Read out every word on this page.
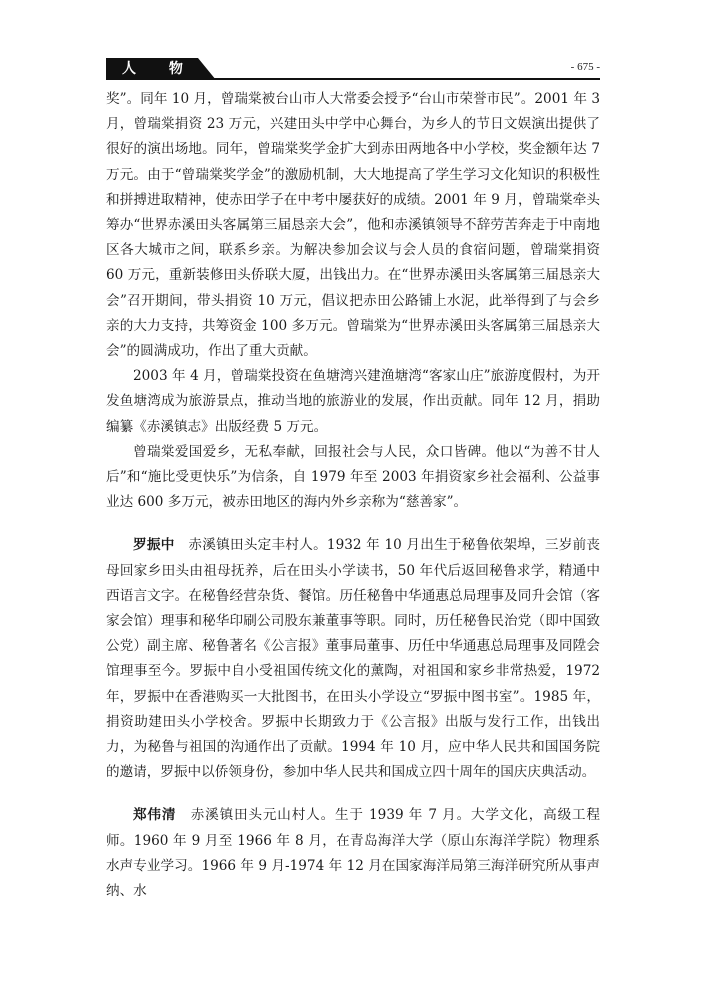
人 物	- 675 -

奖”。同年 10 月，曾瑞棠被台山市人大常委会授予“台山市荣誉市民”。2001 年 3 月，曾瑞棠捐资 23 万元，兴建田头中学中心舞台，为乡人的节日文娱演出提供了很好的演出场地。同年，曾瑞棠奖学金扩大到赤田两地各中小学校，奖金额年达 7 万元。由于“曾瑞棠奖学金”的激励机制，大大地提高了学生学习文化知识的积极性和拼搏进取精神，使赤田学子在中考中屡获好的成绩。2001 年 9 月，曾瑞棠牵头筹办“世界赤溪田头客属第三届恳亲大会”，他和赤溪镇领导不辞劳苦奔走于中南地区各大城市之间，联系乡亲。为解决参加会议与会人员的食宿问题，曾瑞棠捐资 60 万元，重新装修田头侨联大厦，出钱出力。在“世界赤溪田头客属第三届恳亲大会”召开期间，带头捐资 10 万元，倡议把赤田公路铺上水泥，此举得到了与会乡亲的大力支持，共筹资金 100 多万元。曾瑞棠为“世界赤溪田头客属第三届恳亲大会”的圆满成功，作出了重大贡献。

2003 年 4 月，曾瑞棠投资在鱼塘湾兴建渔塘湾“客家山庄”旅游度假村，为开发鱼塘湾成为旅游景点，推动当地的旅游业的发展，作出贡献。同年 12 月，捐助编纂《赤溪镇志》出版经费 5 万元。

曾瑞棠爱国爱乡，无私奉献，回报社会与人民，众口皆碑。他以“为善不甘人后”和“施比受更快乐”为信条，自 1979 年至 2003 年捐资家乡社会福利、公益事业达 600 多万元，被赤田地区的海内外乡亲称为“慈善家”。

罗振中　 赤溪镇田头定丰村人。1932 年 10 月出生于秘鲁依架埠，三岁前丧母回家乡田头由祖母抚养，后在田头小学读书，50 年代后返回秘鲁求学，精通中西语言文字。在秘鲁经营杂货、餐馆。历任秘鲁中华通惠总局理事及同升会馆（客家会馆）理事和秘华印刷公司股东兼董事等职。同时，历任秘鲁民治党（即中国致公党）副主席、秘鲁著名《公言报》董事局董事、历任中华通惠总局理事及同陞会馆理事至今。罗振中自小受祖国传统文化的薰陶，对祖国和家乡非常热爱，1972 年，罗振中在香港购买一大批图书，在田头小学设立“罗振中图书室”。1985 年，捐资助建田头小学校舍。罗振中长期致力于《公言报》出版与发行工作，出钱出力，为秘鲁与祖国的沟通作出了贡献。1994 年 10 月，应中华人民共和国国务院的邀请，罗振中以侨领身份，参加中华人民共和国成立四十周年的国庆庆典活动。

郑伟清　 赤溪镇田头元山村人。生于 1939 年 7 月。大学文化，高级工程师。1960 年 9 月至 1966 年 8 月，在青岛海洋大学（原山东海洋学院）物理系水声专业学习。1966 年 9 月-1974 年 12 月在国家海洋局第三海洋研究所从事声纳、水
